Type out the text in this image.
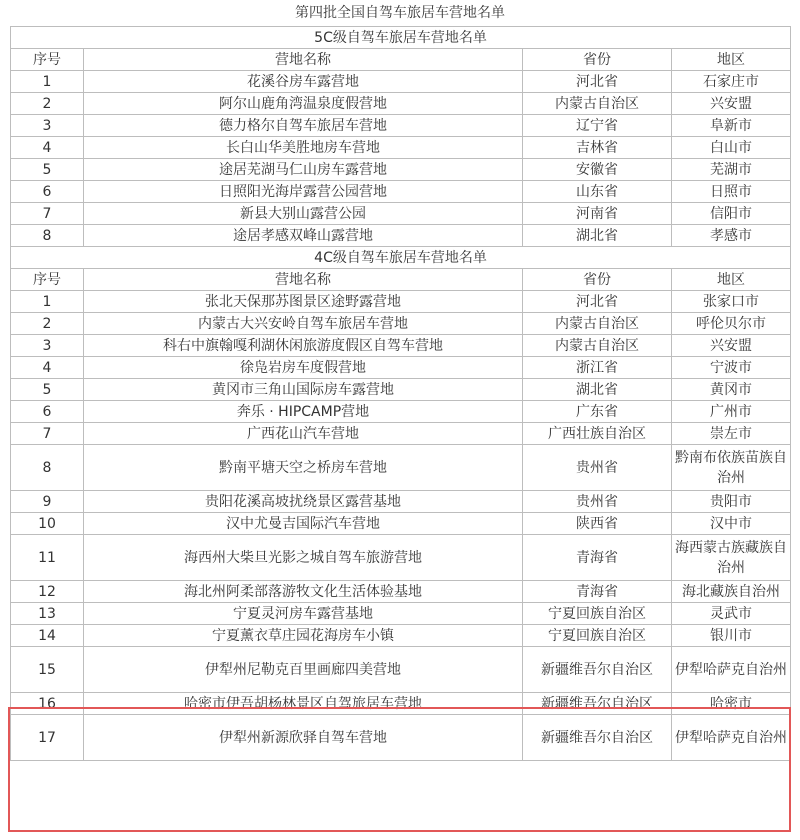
第四批全国自驾车旅居车营地名单
5C级自驾车旅居车营地名单			
序号	营地名称	省份	地区
1	花溪谷房车露营地	河北省	石家庄市
2	阿尔山鹿角湾温泉度假营地	内蒙古自治区	兴安盟
3	德力格尔自驾车旅居车营地	辽宁省	阜新市
4	长白山华美胜地房车营地	吉林省	白山市
5	途居芜湖马仁山房车露营地	安徽省	芜湖市
6	日照阳光海岸露营公园营地	山东省	日照市
7	新县大别山露营公园	河南省	信阳市
8	途居孝感双峰山露营地	湖北省	孝感市
4C级自驾车旅居车营地名单			
序号	营地名称	省份	地区
1	张北天保那苏图景区途野露营地	河北省	张家口市
2	内蒙古大兴安岭自驾车旅居车营地	内蒙古自治区	呼伦贝尔市
3	科右中旗翰嘎利湖休闲旅游度假区自驾车营地	内蒙古自治区	兴安盟
4	徐凫岩房车度假营地	浙江省	宁波市
5	黄冈市三角山国际房车露营地	湖北省	黄冈市
6	奔乐 · HIPCAMP营地	广东省	广州市
7	广西花山汽车营地	广西壮族自治区	崇左市
8	黔南平塘天空之桥房车营地	贵州省	黔南布依族苗族自治州
9	贵阳花溪高坡扰绕景区露营基地	贵州省	贵阳市
10	汉中尤曼吉国际汽车营地	陕西省	汉中市
11	海西州大柴旦光影之城自驾车旅游营地	青海省	海西蒙古族藏族自治州
12	海北州阿柔部落游牧文化生活体验基地	青海省	海北藏族自治州
13	宁夏灵河房车露营基地	宁夏回族自治区	灵武市
14	宁夏薰衣草庄园花海房车小镇	宁夏回族自治区	银川市
15	伊犁州尼勒克百里画廊四美营地	新疆维吾尔自治区	伊犁哈萨克自治州
16	哈密市伊吾胡杨林景区自驾旅居车营地	新疆维吾尔自治区	哈密市
17	伊犁州新源欣驿自驾车营地	新疆维吾尔自治区	伊犁哈萨克自治州
